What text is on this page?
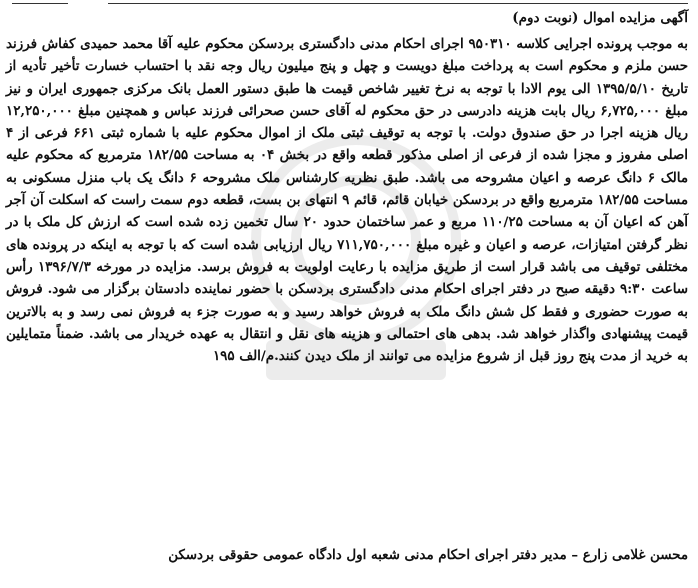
آگهی مزایده اموال (نوبت دوم)
به موجب پرونده اجرایی کلاسه ۹۵۰۳۱۰ اجرای احکام مدنی دادگستری بردسکن محکوم علیه آقا محمد حمیدی کفاش فرزند حسن ملزم و محکوم است به پرداخت مبلغ دویست و چهل و پنج میلیون ریال وجه نقد با احتساب خسارت تأخیر تأدیه از تاریخ ۱۳۹۵/۵/۱۰ الی یوم الادا با توجه به نرخ تغییر شاخص قیمت ها طبق دستور العمل بانک مرکزی جمهوری ایران و نیز مبلغ ۶,۷۲۵,۰۰۰ ریال بابت هزینه دادرسی در حق محکوم له آقای حسن صحرائی فرزند عباس و همچنین مبلغ ۱۲,۲۵۰,۰۰۰ ریال هزینه اجرا در حق صندوق دولت. با توجه به توقیف ثبتی ملک از اموال محکوم علیه با شماره ثبتی ۶۶۱ فرعی از ۴ اصلی مفروز و مجزا شده از فرعی از اصلی مذکور قطعه واقع در بخش ۰۴ به مساحت ۱۸۲/۵۵ مترمربع که محکوم علیه مالک ۶ دانگ عرصه و اعیان مشروحه می باشد. طبق نظریه کارشناس ملک مشروحه ۶ دانگ یک باب منزل مسکونی به مساحت ۱۸۲/۵۵ مترمربع واقع در بردسکن خیابان قائم، قائم ۹ انتهای بن بست، قطعه دوم سمت راست که اسکلت آن آجر آهن که اعیان آن به مساحت ۱۱۰/۲۵ مربع و عمر ساختمان حدود ۲۰ سال تخمین زده شده است که ارزش کل ملک با در نظر گرفتن امتیازات، عرصه و اعیان و غیره مبلغ ۷۱۱,۷۵۰,۰۰۰ ریال ارزیابی شده است که با توجه به اینکه در پرونده های مختلفی توقیف می باشد قرار است از طریق مزایده با رعایت اولویت به فروش برسد. مزایده در مورخه ۱۳۹۶/۷/۳ رأس ساعت ۹:۳۰ دقیقه صبح در دفتر اجرای احکام مدنی دادگستری بردسکن با حضور نماینده دادستان برگزار می شود. فروش به صورت حضوری و فقط کل شش دانگ ملک به فروش خواهد رسید و به صورت جزء به فروش نمی رسد و به بالاترین قیمت پیشنهادی واگذار خواهد شد. بدهی های احتمالی و هزینه های نقل و انتقال به عهده خریدار می باشد. ضمناً متمایلین به خرید از مدت پنج روز قبل از شروع مزایده می توانند از ملک دیدن کنند.م/الف ۱۹۵
محسن غلامی زارع – مدیر دفتر اجرای احکام مدنی شعبه اول دادگاه عمومی حقوقی بردسکن
